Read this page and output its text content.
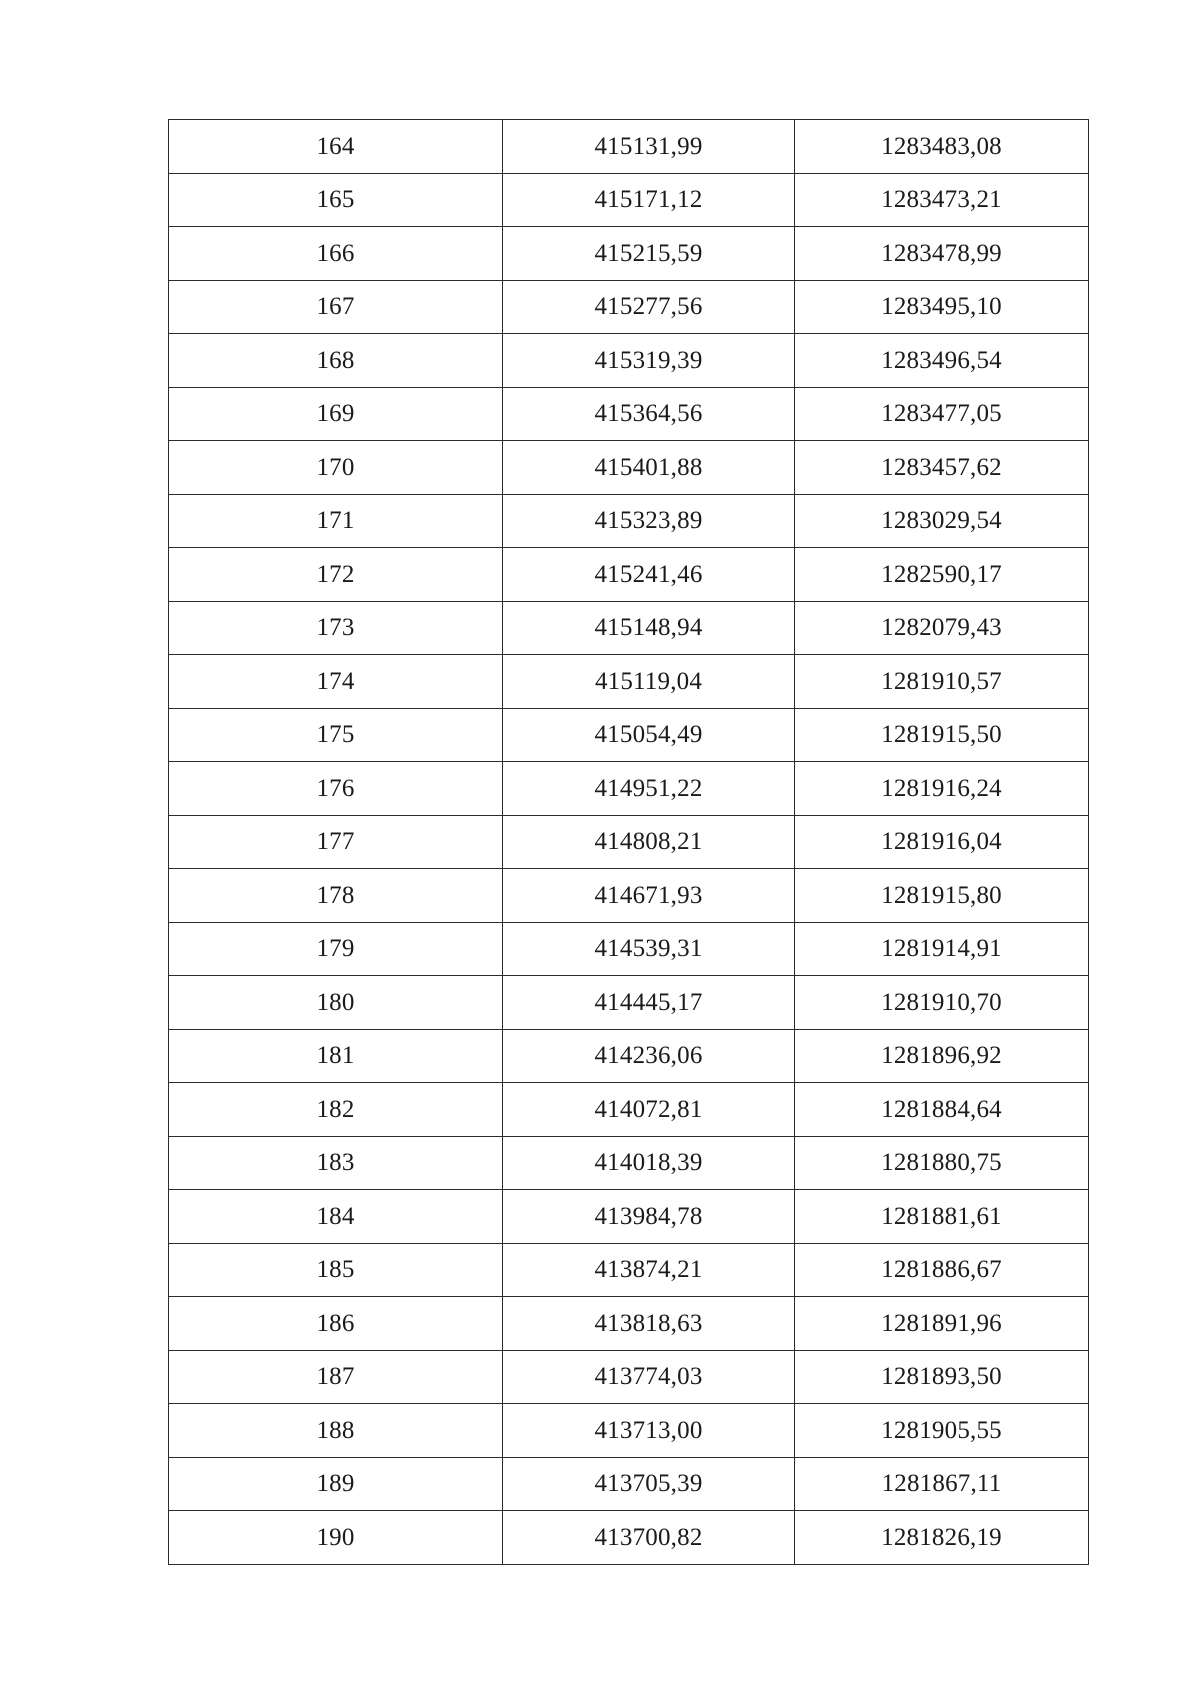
164	415131,99	1283483,08
165	415171,12	1283473,21
166	415215,59	1283478,99
167	415277,56	1283495,10
168	415319,39	1283496,54
169	415364,56	1283477,05
170	415401,88	1283457,62
171	415323,89	1283029,54
172	415241,46	1282590,17
173	415148,94	1282079,43
174	415119,04	1281910,57
175	415054,49	1281915,50
176	414951,22	1281916,24
177	414808,21	1281916,04
178	414671,93	1281915,80
179	414539,31	1281914,91
180	414445,17	1281910,70
181	414236,06	1281896,92
182	414072,81	1281884,64
183	414018,39	1281880,75
184	413984,78	1281881,61
185	413874,21	1281886,67
186	413818,63	1281891,96
187	413774,03	1281893,50
188	413713,00	1281905,55
189	413705,39	1281867,11
190	413700,82	1281826,19
